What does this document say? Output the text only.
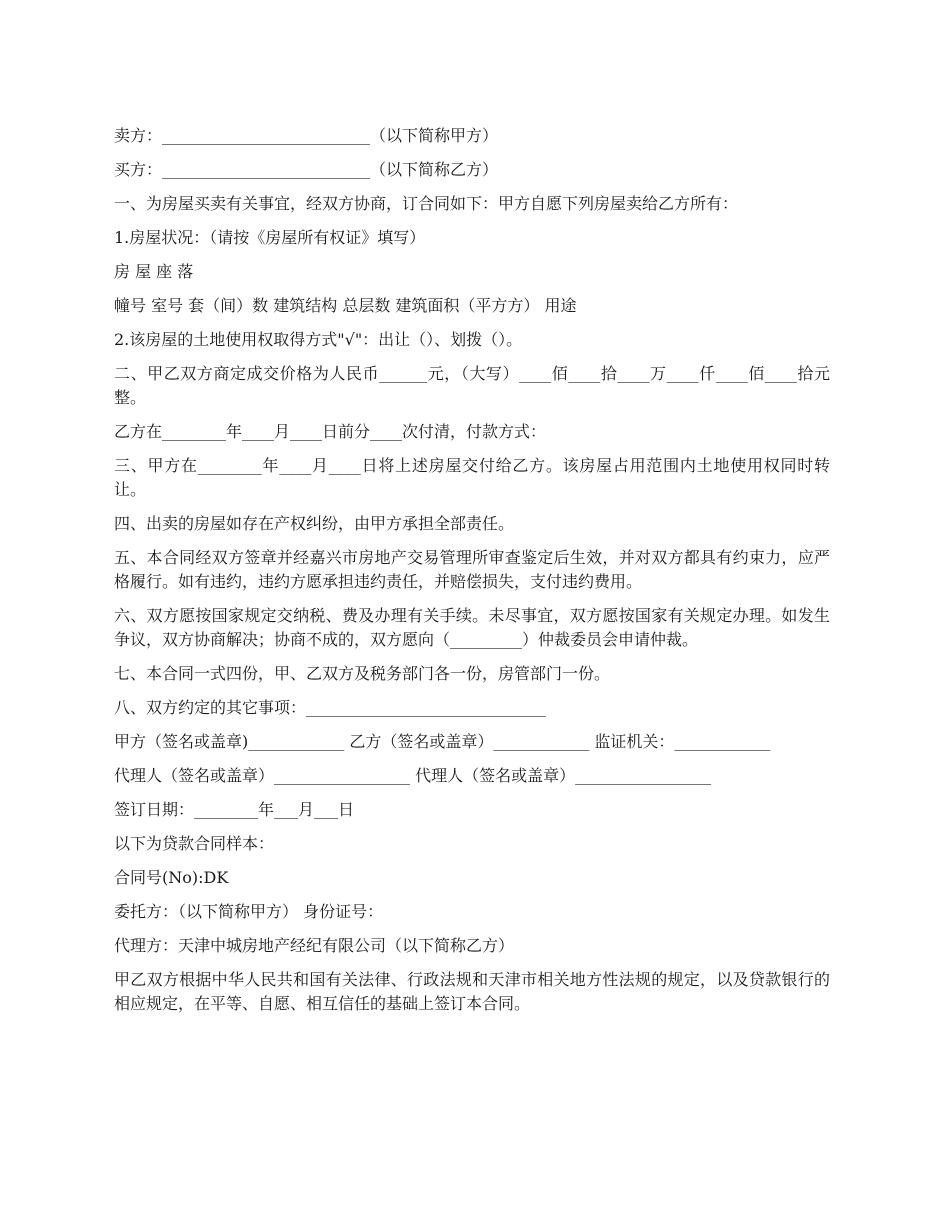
卖方：__________________________（以下简称甲方）

买方：__________________________（以下简称乙方）

一、为房屋买卖有关事宜，经双方协商，订合同如下：甲方自愿下列房屋卖给乙方所有：

1.房屋状况：（请按《房屋所有权证》填写）

房 屋 座 落

幢号 室号 套（间）数 建筑结构 总层数 建筑面积（平方方） 用途

2.该房屋的土地使用权取得方式"√"：出让（）、划拨（）。

二、甲乙双方商定成交价格为人民币______元，（大写）____佰____拾____万____仟____佰____拾元整。

乙方在________年____月____日前分____次付清，付款方式：

三、甲方在________年____月____日将上述房屋交付给乙方。该房屋占用范围内土地使用权同时转让。

四、出卖的房屋如存在产权纠纷，由甲方承担全部责任。

五、本合同经双方签章并经嘉兴市房地产交易管理所审查鉴定后生效，并对双方都具有约束力，应严格履行。如有违约，违约方愿承担违约责任，并赔偿损失，支付违约费用。

六、双方愿按国家规定交纳税、费及办理有关手续。未尽事宜，双方愿按国家有关规定办理。如发生争议，双方协商解决；协商不成的，双方愿向（_________）仲裁委员会申请仲裁。

七、本合同一式四份，甲、乙双方及税务部门各一份，房管部门一份。

八、双方约定的其它事项：______________________________

甲方（签名或盖章)____________ 乙方（签名或盖章）____________ 监证机关：____________

代理人（签名或盖章）_________________ 代理人（签名或盖章）_________________

签订日期：________年___月___日

以下为贷款合同样本：

合同号(No):DK

委托方：（以下简称甲方） 身份证号：

代理方：天津中城房地产经纪有限公司（以下简称乙方）

甲乙双方根据中华人民共和国有关法律、行政法规和天津市相关地方性法规的规定，以及贷款银行的相应规定，在平等、自愿、相互信任的基础上签订本合同。
